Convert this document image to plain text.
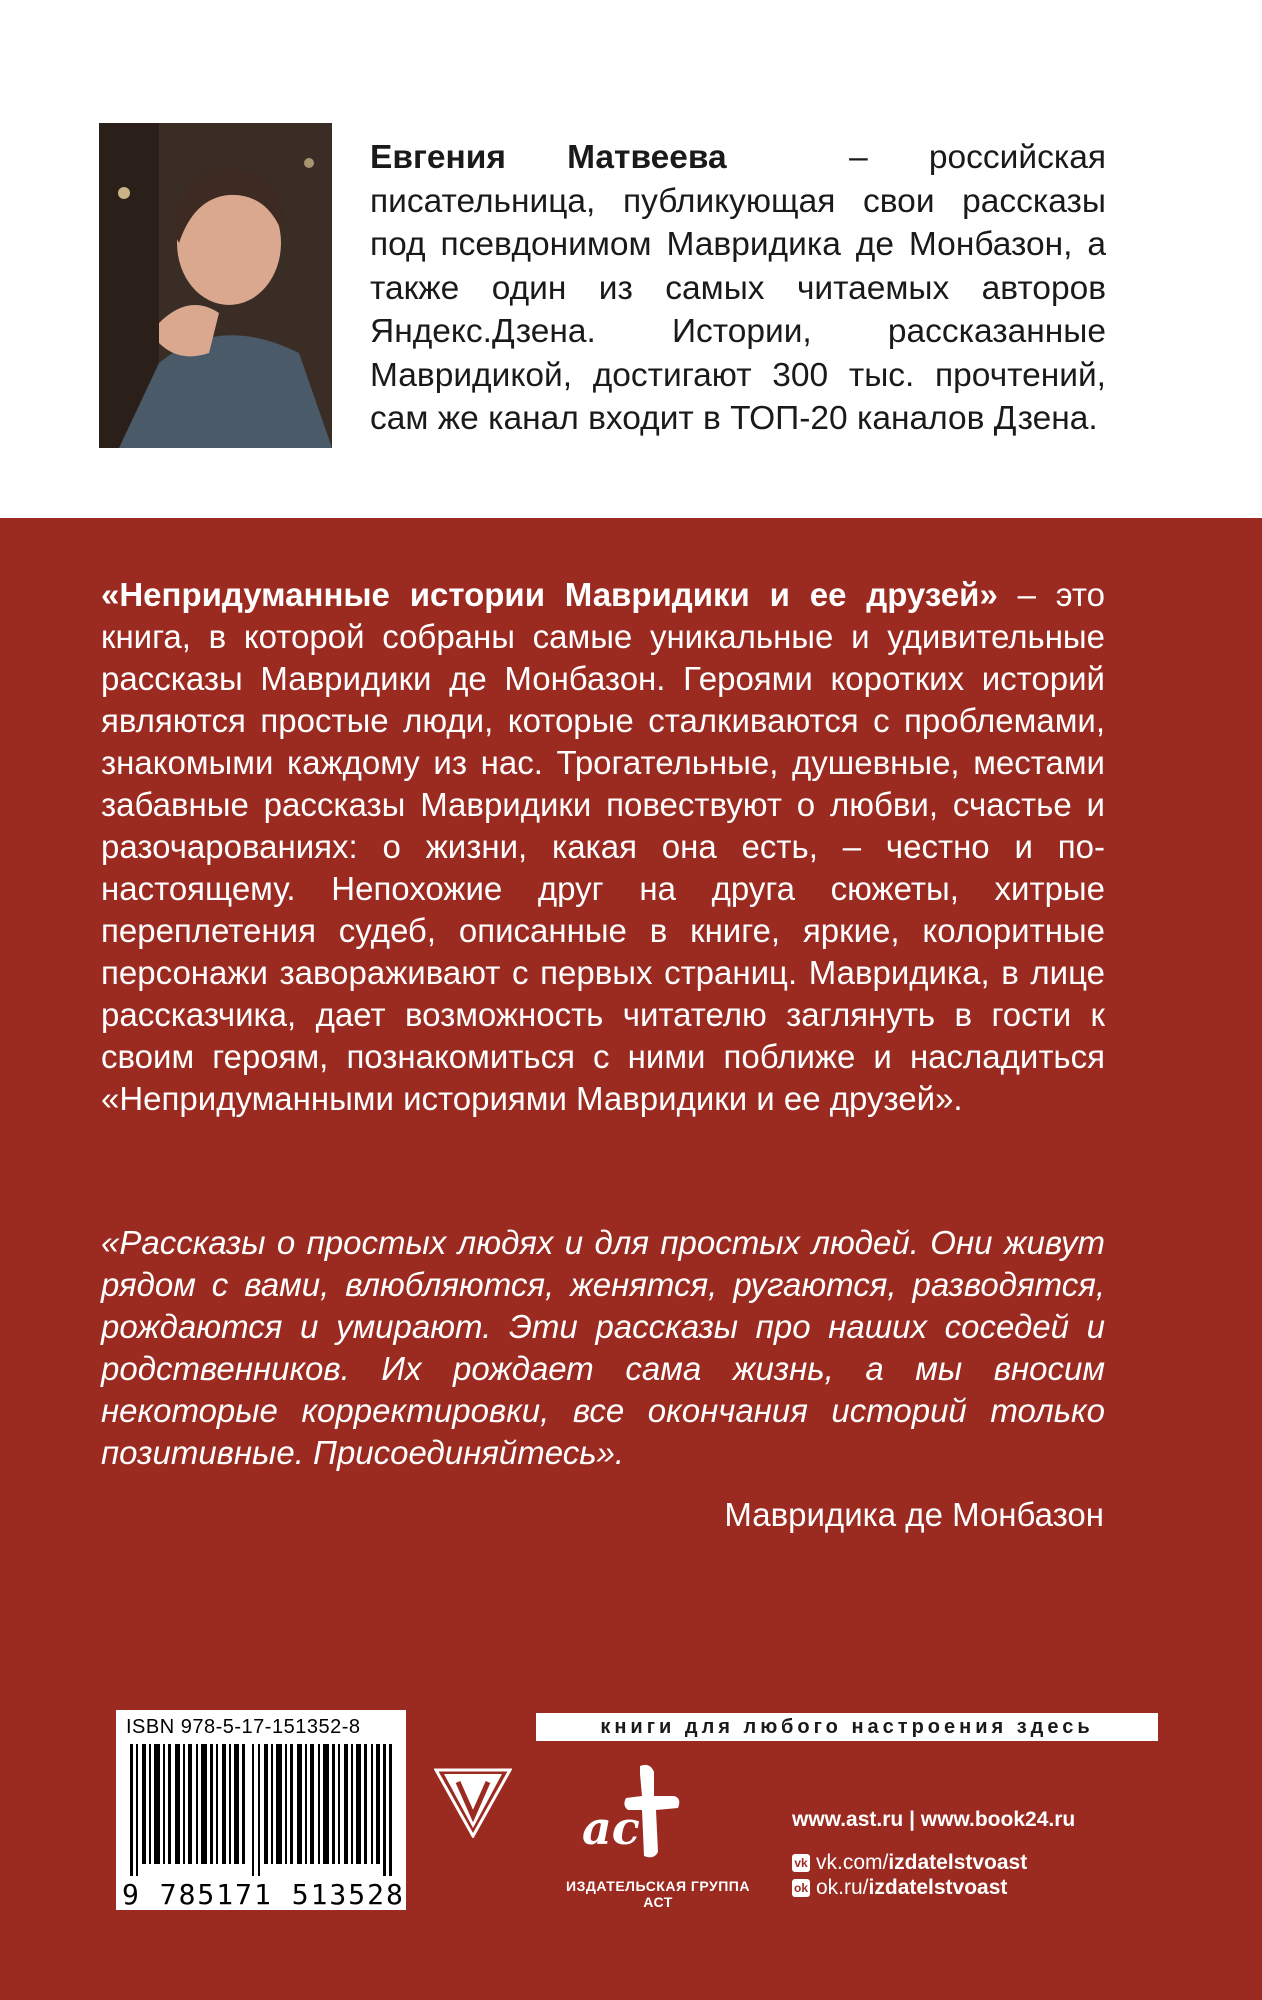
Евгения Матвеева	– российская писательница, публикующая свои рассказы под псевдонимом Мавридика де Монбазон, а также один из самых читаемых авторов Яндекс.Дзена. Истории, рассказанные Мавридикой, достигают 300 тыс. прочтений, сам же канал входит в ТОП-20 каналов Дзена.

«Непридуманные истории Мавридики и ее друзей» – это книга, в которой собраны самые уникальные и удивительные рассказы Мавридики де Монбазон. Героями коротких историй являются простые люди, которые сталкиваются с проблемами, знакомыми каждому из нас. Трогательные, душевные, местами забавные рассказы Мавридики повествуют о любви, счастье и разочарованиях: о жизни, какая она есть, – честно и по-настоящему. Непохожие друг на друга сюжеты, хитрые переплетения судеб, описанные в книге, яркие, колоритные персонажи завораживают с первых страниц. Мавридика, в лице рассказчика, дает возможность читателю заглянуть в гости к своим героям, познакомиться с ними поближе и насладиться «Непридуманными историями Мавридики и ее друзей».

«Рассказы о простых людях и для простых людей. Они живут рядом с вами, влюбляются, женятся, ругаются, разводятся, рождаются и умирают. Эти рассказы про наших соседей и родственников. Их рождает сама жизнь, а мы вносим некоторые корректировки, все окончания историй только позитивные. Присоединяйтесь».

Мавридика де Монбазон

ISBN 978-5-17-151352-8
9 785171 513528
книги для любого настроения здесь
ac
ИЗДАТЕЛЬСКАЯ ГРУППА АСТ
www.ast.ru | www.book24.ru
vk vk.com/ izdatelstvoast
ok ok.ru/ izdatelstvoast
